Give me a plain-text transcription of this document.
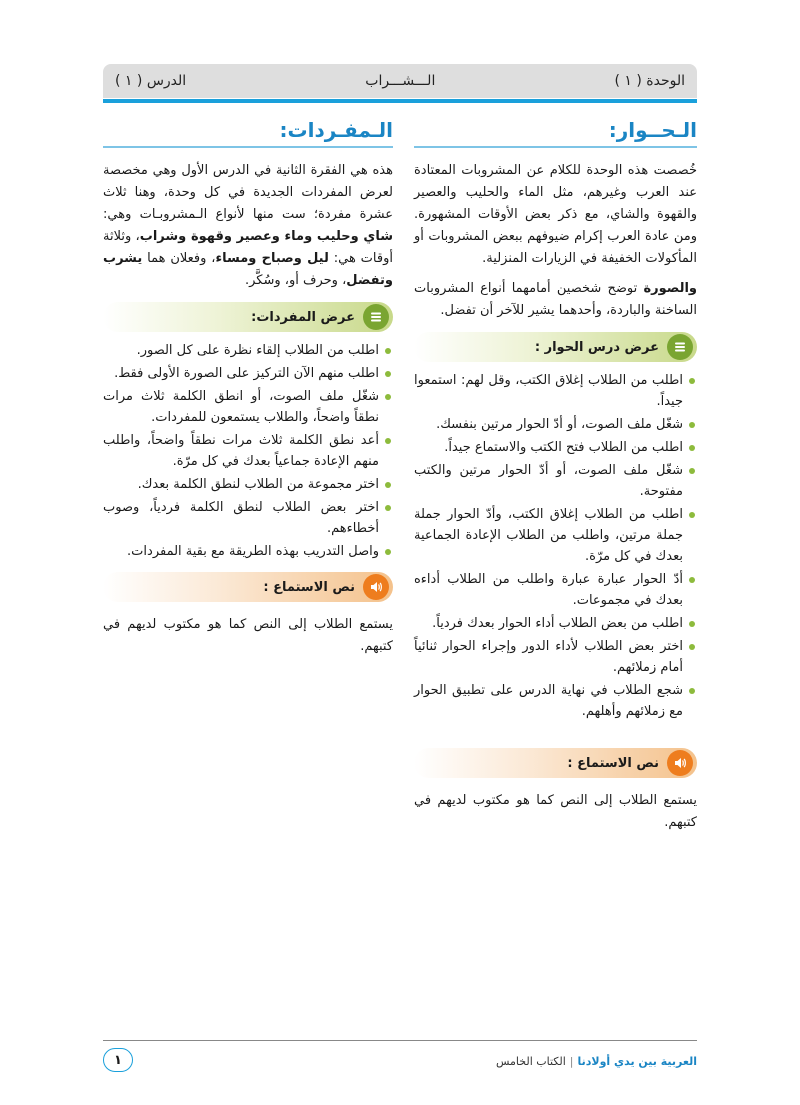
الوحدة ( ١ )
الـــشـــراب
الدرس ( ١ )
الـحــوار:

خُصصت هذه الوحدة للكلام عن المشروبات المعتادة عند العرب وغيرهم، مثل الماء والحليب والعصير والقهوة والشاي، مع ذكر بعض الأوقات المشهورة. ومن عادة العرب إكرام ضيوفهم ببعض المشروبات أو المأكولات الخفيفة في الزيارات المنزلية.

والصورة توضح شخصين أمامهما أنواع المشروبات الساخنة والباردة، وأحدهما يشير للآخر أن تفضل.

عرض درس الحوار :
اطلب من الطلاب إغلاق الكتب، وقل لهم: استمعوا جيداً.
شغّل ملف الصوت، أو أدّ الحوار مرتين بنفسك.
اطلب من الطلاب فتح الكتب والاستماع جيداً.
شغّل ملف الصوت، أو أدّ الحوار مرتين والكتب مفتوحة.
اطلب من الطلاب إغلاق الكتب، وأدّ الحوار جملة جملة مرتين، واطلب من الطلاب الإعادة الجماعية بعدك في كل مرّة.
أدّ الحوار عبارة عبارة واطلب من الطلاب أداءه بعدك في مجموعات.
اطلب من بعض الطلاب أداء الحوار بعدك فردياً.
اختر بعض الطلاب لأداء الدور وإجراء الحوار ثنائياً أمام زملائهم.
شجع الطلاب في نهاية الدرس على تطبيق الحوار مع زملائهم وأهلهم.
نص الاستماع :

يستمع الطلاب إلى النص كما هو مكتوب لديهم في كتبهم.

الـمفـردات:

هذه هي الفقرة الثانية في الدرس الأول وهي مخصصة لعرض المفردات الجديدة في كل وحدة، وهنا ثلاث عشرة مفردة؛ ست منها لأنواع الـمشروبـات وهي: شاي وحليب وماء وعصير وقهوة وشراب، وثلاثة أوقات هي: ليل وصباح ومساء، وفعلان هما يشرب وتفضل، وحرف أو، وسُكَّر.

عرض المفردات:
اطلب من الطلاب إلقاء نظرة على كل الصور.
اطلب منهم الآن التركيز على الصورة الأولى فقط.
شغّل ملف الصوت، أو انطق الكلمة ثلاث مرات نطقاً واضحاً، والطلاب يستمعون للمفردات.
أعد نطق الكلمة ثلاث مرات نطقاً واضحاً، واطلب منهم الإعادة جماعياً بعدك في كل مرّة.
اختر مجموعة من الطلاب لنطق الكلمة بعدك.
اختر بعض الطلاب لنطق الكلمة فردياً، وصوب أخطاءهم.
واصل التدريب بهذه الطريقة مع بقية المفردات.
نص الاستماع :

يستمع الطلاب إلى النص كما هو مكتوب لديهم في كتبهم.

العربية بين يدي أولادنا
|
الكتاب الخامس
١
